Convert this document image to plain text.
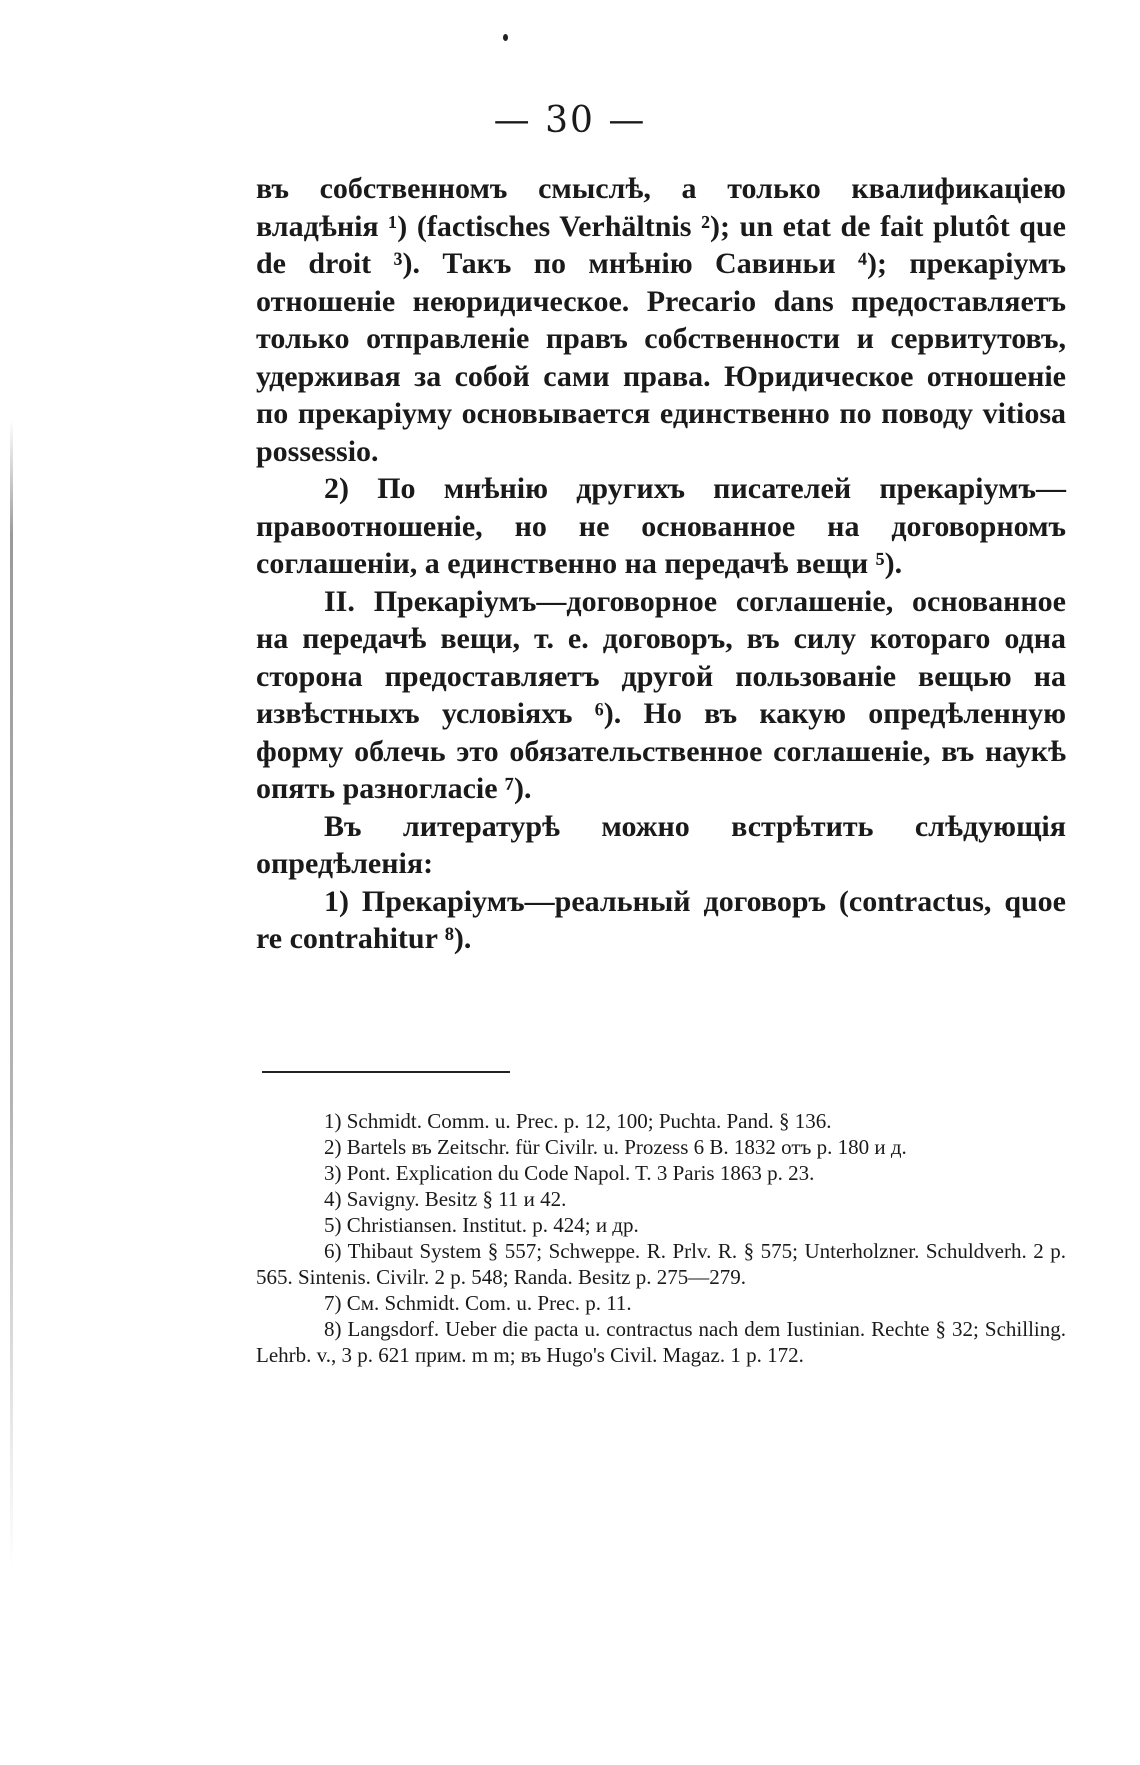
— 30 —

въ собственномъ смыслѣ, а только квалификаціею владѣнія ¹) (factisches Verhältnis ²); un etat de fait plutôt que de droit ³). Такъ по мнѣнію Савиньи ⁴); прекаріумъ отношеніе неюридическое. Precario dans предоставляетъ только отправленіе правъ собственности и сервитутовъ, удерживая за собой сами права. Юридическое отношеніе по прекаріуму основывается единственно по поводу vitiosa possessio.

2) По мнѣнію другихъ писателей прекаріумъ— правоотношеніе, но не основанное на договорномъ соглашеніи, а единственно на передачѣ вещи ⁵).

II. Прекаріумъ—договорное соглашеніе, основанное на передачѣ вещи, т. е. договоръ, въ силу котораго одна сторона предоставляетъ другой пользованіе вещью на извѣстныхъ условіяхъ ⁶). Но въ какую опредѣленную форму облечь это обязательственное соглашеніе, въ наукѣ опять разногласіе ⁷).

Въ литературѣ можно встрѣтить слѣдующія опредѣленія:

1) Прекаріумъ—реальный договоръ (contractus, quoe re contrahitur ⁸).

1) Schmidt. Comm. u. Prec. p. 12, 100; Puchta. Pand. § 136.

2) Bartels въ Zeitschr. für Civilr. u. Prozess 6 B. 1832 отъ p. 180 и д.

3) Pont. Explication du Code Napol. T. 3 Paris 1863 p. 23.

4) Savigny. Besitz § 11 и 42.

5) Christiansen. Institut. p. 424; и др.

6) Thibaut System § 557; Schweppe. R. Prlv. R. § 575; Unterholzner. Schuldverh. 2 p. 565. Sintenis. Civilr. 2 p. 548; Randa. Besitz p. 275—279.

7) См. Schmidt. Com. u. Prec. p. 11.

8) Langsdorf. Ueber die pacta u. contractus nach dem Iustinian. Rechte § 32; Schilling. Lehrb. v., 3 p. 621 прим. m m; въ Hugo's Civil. Magaz. 1 p. 172.
